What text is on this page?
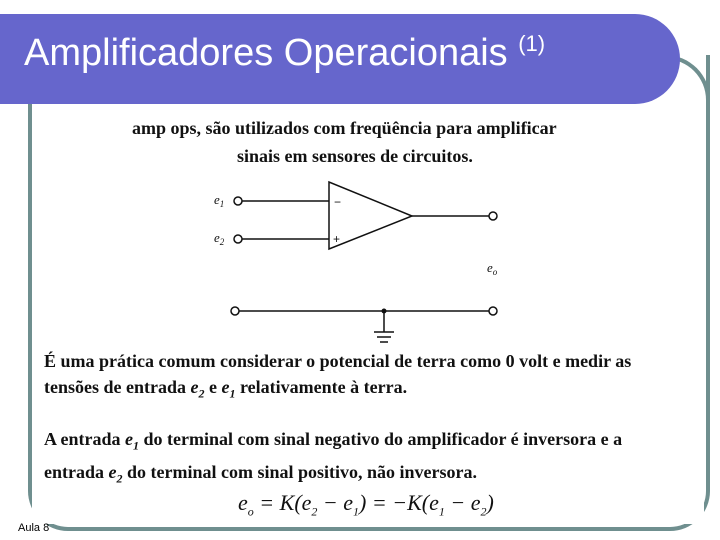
Amplificadores Operacionais $^{(1)}$
amp ops, são utilizados com freqüência para amplificar
sinais em sensores de circuitos.
$e_1$
$e_2$
−
+
$e_o$
É uma prática comum considerar o potencial de terra como 0 volt e medir as
tensões de entrada $e_2$ e $e_1$ relativamente à terra.
A entrada $e_1$ do terminal com sinal negativo do amplificador é inversora e a
entrada $e_2$ do terminal com sinal positivo, não inversora.
$e_o = K(e_2 - e_1) = -K(e_1 - e_2)$
Aula 8
